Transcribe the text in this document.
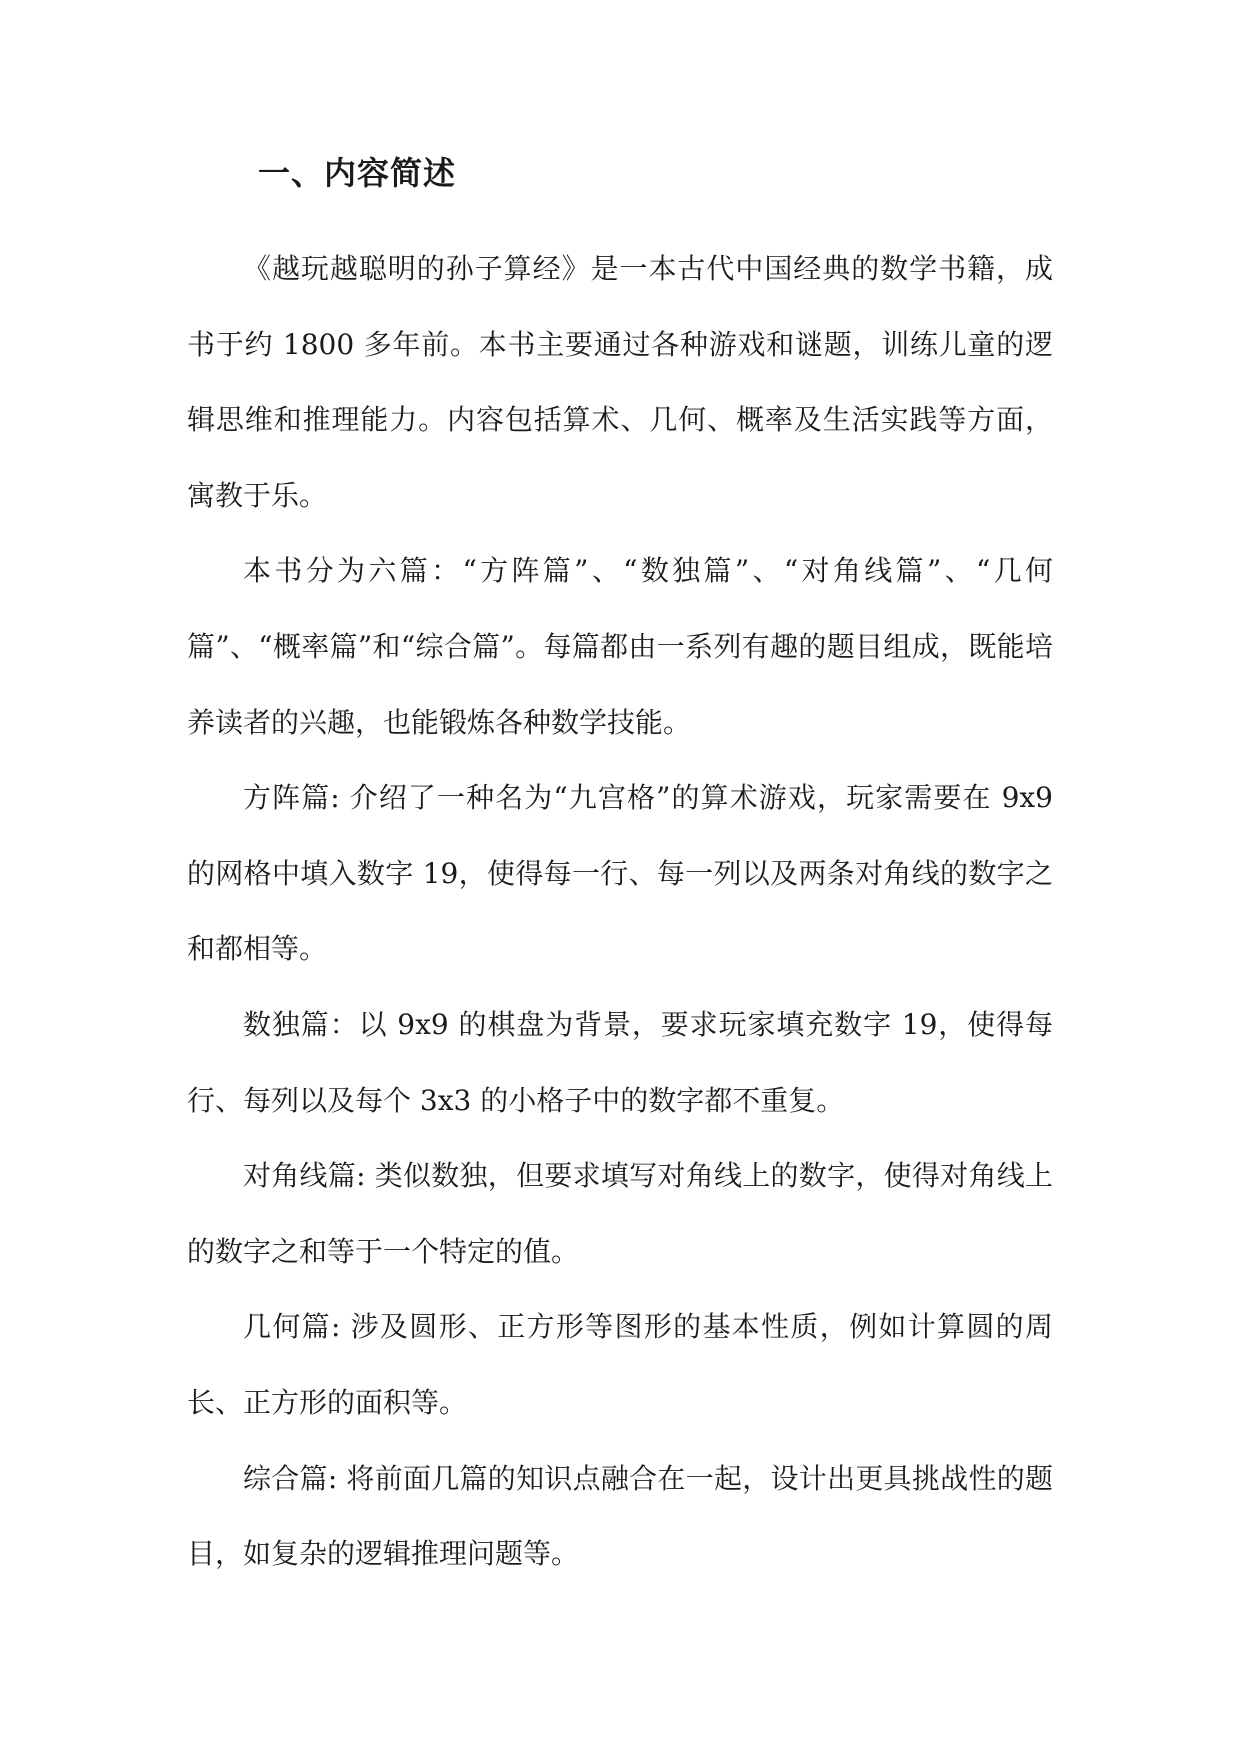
一、内容简述

《越玩越聪明的孙子算经》是一本古代中国经典的数学书籍，成书于约 1800 多年前。本书主要通过各种游戏和谜题，训练儿童的逻辑思维和推理能力。内容包括算术、几何、概率及生活实践等方面，寓教于乐。

本书分为六篇：“方阵篇”、“数独篇”、“对角线篇”、“几何篇”、“概率篇”和“综合篇”。每篇都由一系列有趣的题目组成，既能培养读者的兴趣，也能锻炼各种数学技能。

方阵篇: 介绍了一种名为“九宫格”的算术游戏，玩家需要在 9x9 的网格中填入数字 19，使得每一行、每一列以及两条对角线的数字之和都相等。

数独篇：以 9x9 的棋盘为背景，要求玩家填充数字 19，使得每行、每列以及每个 3x3 的小格子中的数字都不重复。

对角线篇: 类似数独，但要求填写对角线上的数字，使得对角线上的数字之和等于一个特定的值。

几何篇: 涉及圆形、正方形等图形的基本性质，例如计算圆的周长、正方形的面积等。

综合篇: 将前面几篇的知识点融合在一起，设计出更具挑战性的题目，如复杂的逻辑推理问题等。
